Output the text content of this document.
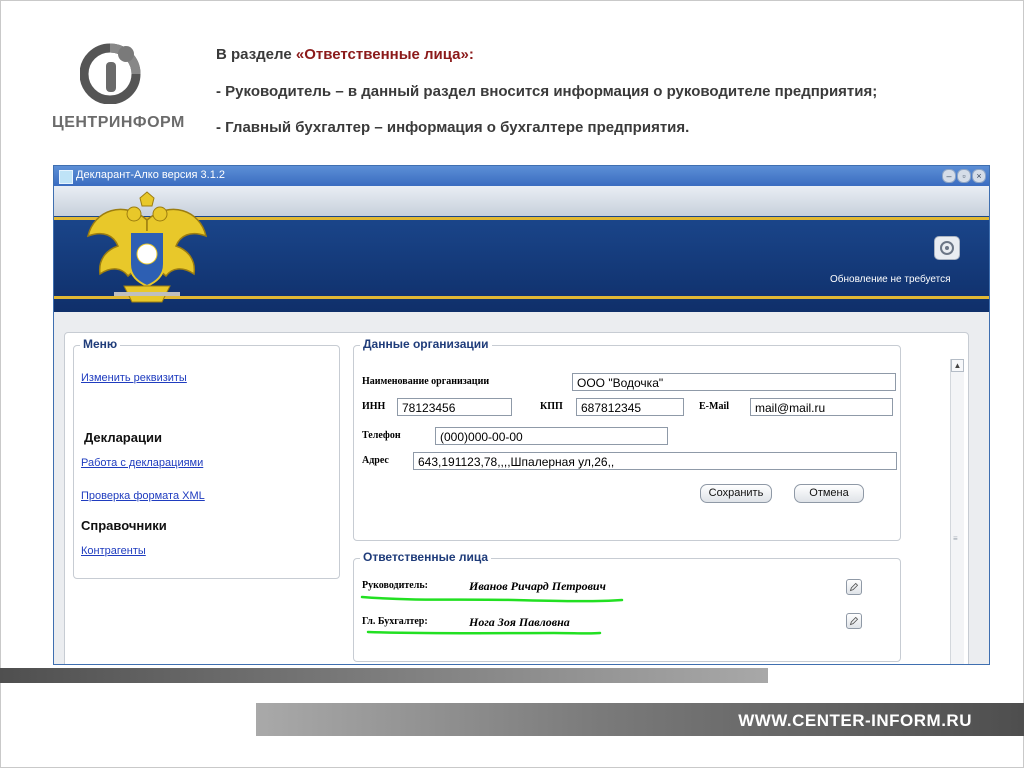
ЦЕНТРИНФОРМ
В разделе «Ответственные лица»:
- Руководитель – в данный раздел вносится информация о руководителе предприятия;
- Главный бухгалтер – информация о бухгалтере предприятия.
Декларант-Алко версия 3.1.2	–	▫	×
Обновление не требуется
Меню
Изменить реквизиты
Декларации
Работа с декларациями
Проверка формата XML
Справочники
Контрагенты
Данные организации
Наименование организации	ООО "Водочка"
ИНН	78123456	КПП	687812345	E-Mail	mail@mail.ru
Телефон	(000)000-00-00
Адрес	643,191123,78,,,,Шпалерная ул,26,,
Сохранить	Отмена
Ответственные лица
Руководитель:	Иванов Ричард Петрович
Гл. Бухгалтер:	Нога Зоя Павловна
▲
≡
WWW.CENTER-INFORM.RU
